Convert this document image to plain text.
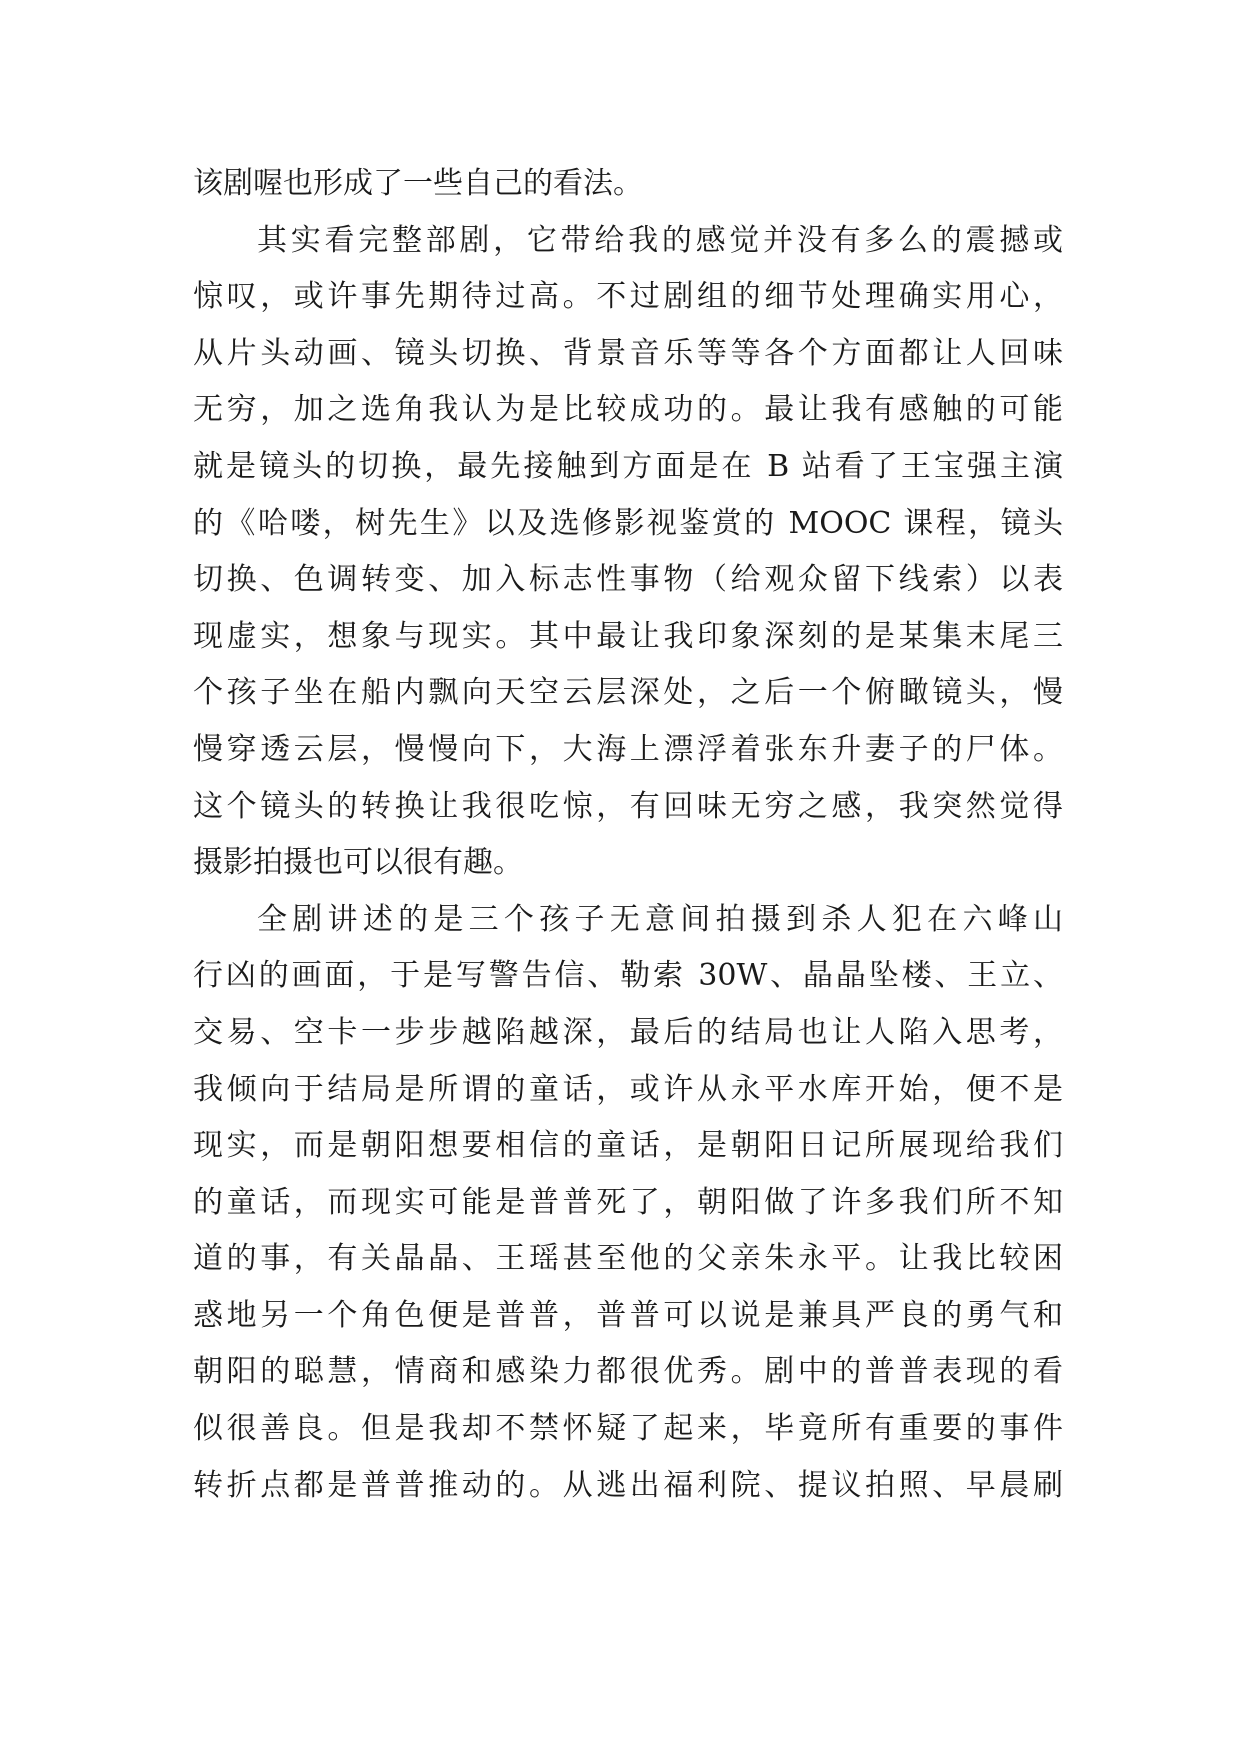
该剧喔也形成了一些自己的看法。
其实看完整部剧，它带给我的感觉并没有多么的震撼或
惊叹，或许事先期待过高。不过剧组的细节处理确实用心，
从片头动画、镜头切换、背景音乐等等各个方面都让人回味
无穷，加之选角我认为是比较成功的。最让我有感触的可能
就是镜头的切换，最先接触到方面是在 B 站看了王宝强主演
的《哈喽，树先生》以及选修影视鉴赏的 MOOC 课程，镜头
切换、色调转变、加入标志性事物（给观众留下线索）以表
现虚实，想象与现实。其中最让我印象深刻的是某集末尾三
个孩子坐在船内飘向天空云层深处，之后一个俯瞰镜头，慢
慢穿透云层，慢慢向下，大海上漂浮着张东升妻子的尸体。
这个镜头的转换让我很吃惊，有回味无穷之感，我突然觉得
摄影拍摄也可以很有趣。
全剧讲述的是三个孩子无意间拍摄到杀人犯在六峰山
行凶的画面，于是写警告信、勒索 30W、晶晶坠楼、王立、
交易、空卡一步步越陷越深，最后的结局也让人陷入思考，
我倾向于结局是所谓的童话，或许从永平水库开始，便不是
现实，而是朝阳想要相信的童话，是朝阳日记所展现给我们
的童话，而现实可能是普普死了，朝阳做了许多我们所不知
道的事，有关晶晶、王瑶甚至他的父亲朱永平。让我比较困
惑地另一个角色便是普普，普普可以说是兼具严良的勇气和
朝阳的聪慧，情商和感染力都很优秀。剧中的普普表现的看
似很善良。但是我却不禁怀疑了起来，毕竟所有重要的事件
转折点都是普普推动的。从逃出福利院、提议拍照、早晨刷
